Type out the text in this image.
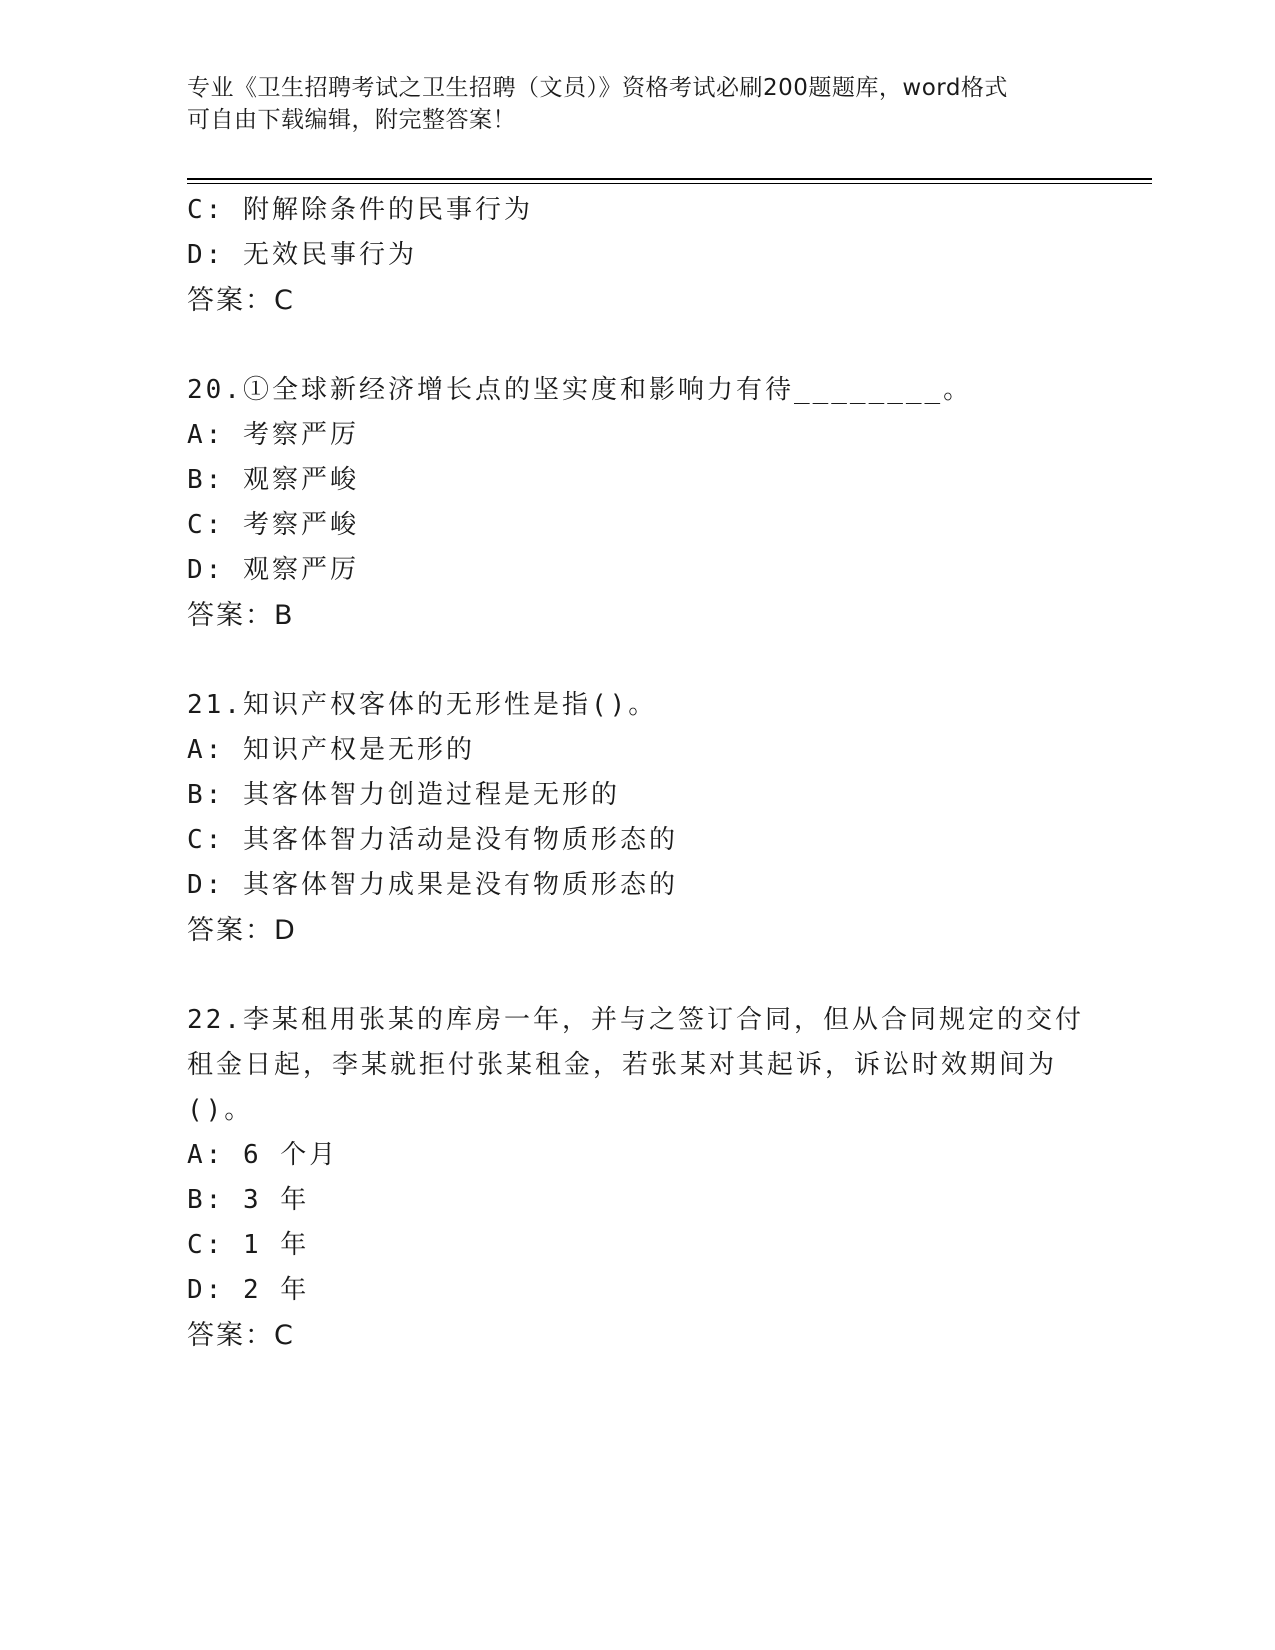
专业《卫生招聘考试之卫生招聘（文员）》资格考试必刷200题题库，word格式
可自由下载编辑，附完整答案！
C: 附解除条件的民事行为
D: 无效民事行为
答案：C
20.①全球新经济增长点的坚实度和影响力有待________。
A: 考察严厉
B: 观察严峻
C: 考察严峻
D: 观察严厉
答案：B
21.知识产权客体的无形性是指()。
A: 知识产权是无形的
B: 其客体智力创造过程是无形的
C: 其客体智力活动是没有物质形态的
D: 其客体智力成果是没有物质形态的
答案：D
22.李某租用张某的库房一年，并与之签订合同，但从合同规定的交付
租金日起，李某就拒付张某租金，若张某对其起诉，诉讼时效期间为
()。
A: 6 个月
B: 3 年
C: 1 年
D: 2 年
答案：C
